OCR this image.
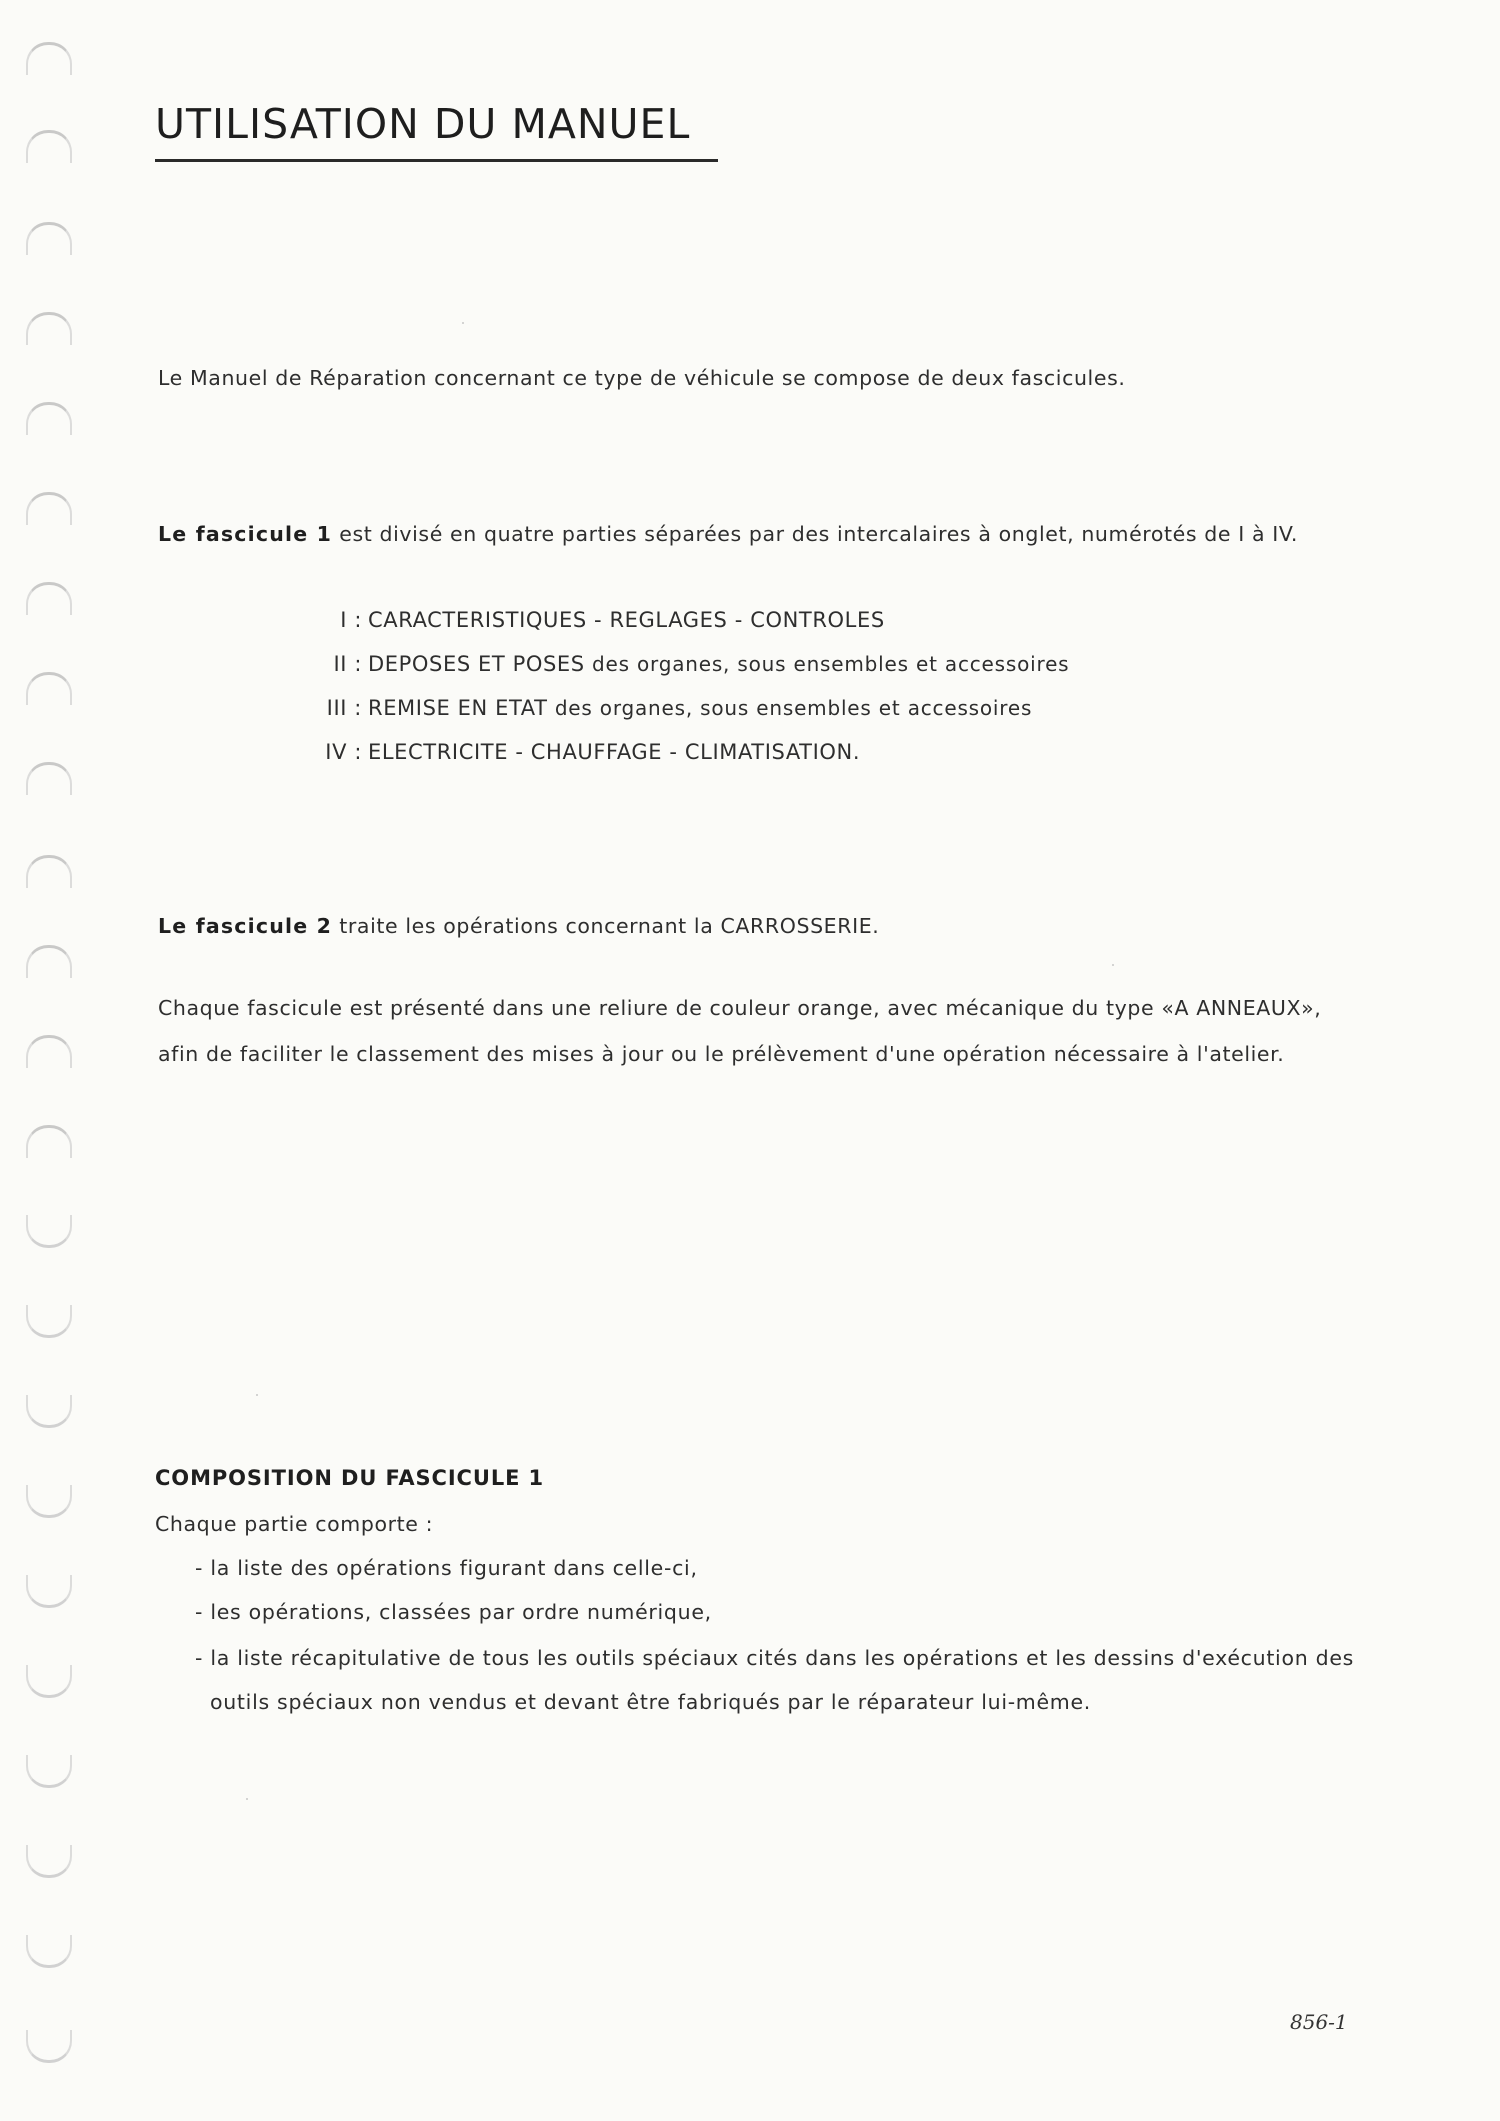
UTILISATION DU MANUEL

Le Manuel de Réparation concernant ce type de véhicule se compose de deux fascicules.

Le fascicule 1 est divisé en quatre parties séparées par des intercalaires à onglet, numérotés de I à IV.

I : CARACTERISTIQUES - REGLAGES - CONTROLES
II : DEPOSES ET POSES des organes, sous ensembles et accessoires
III : REMISE EN ETAT des organes, sous ensembles et accessoires
IV : ELECTRICITE - CHAUFFAGE - CLIMATISATION.

Le fascicule 2 traite les opérations concernant la CARROSSERIE.

Chaque fascicule est présenté dans une reliure de couleur orange, avec mécanique du type «A ANNEAUX»,

afin de faciliter le classement des mises à jour ou le prélèvement d'une opération nécessaire à l'atelier.

COMPOSITION DU FASCICULE 1

Chaque partie comporte :

- la liste des opérations figurant dans celle-ci,
- les opérations, classées par ordre numérique,
- la liste récapitulative de tous les outils spéciaux cités dans les opérations et les dessins d'exécution des
outils spéciaux non vendus et devant être fabriqués par le réparateur lui-même.
856-1
